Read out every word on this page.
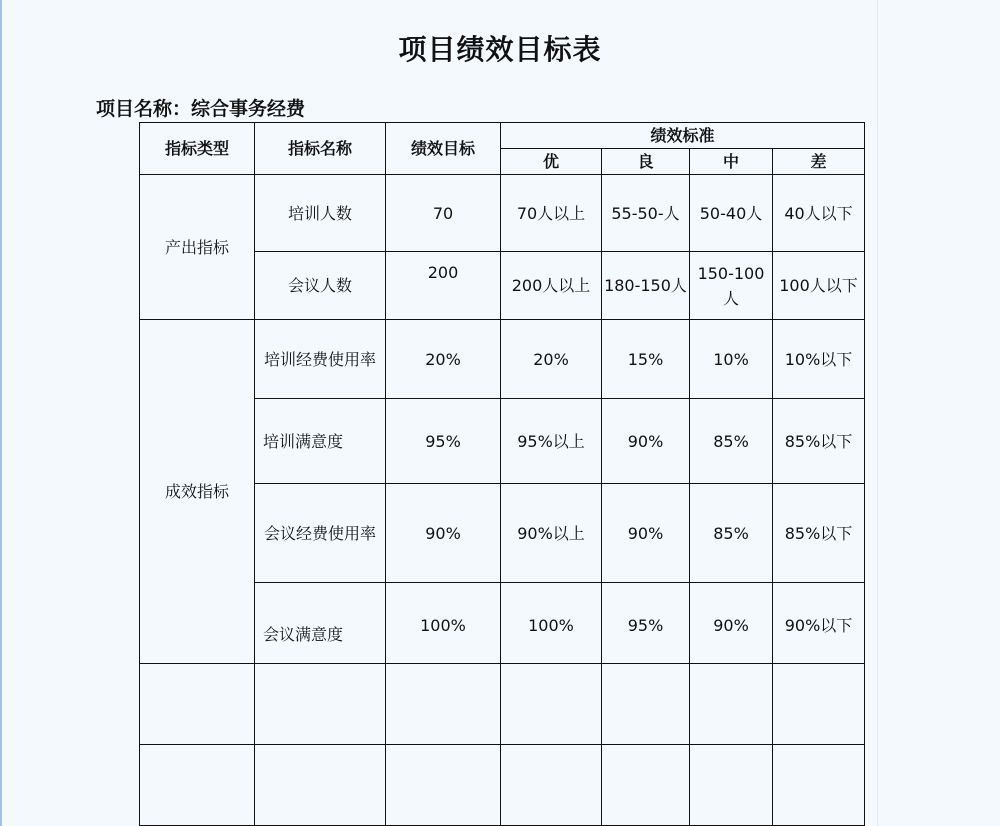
项目绩效目标表
项目名称：综合事务经费
指标类型	指标名称	绩效目标	绩效标准			
			优	良	中	差
产出指标	培训人数	70	70人以上	55-50-人	50-40人	40人以下
	会议人数	200	200人以上	180-150人	150-100人	100人以下
成效指标	培训经费使用率	20%	20%	15%	10%	10%以下
	培训满意度	95%	95%以上	90%	85%	85%以下
	会议经费使用率	90%	90%以上	90%	85%	85%以下
	会议满意度	100%	100%	95%	90%	90%以下
